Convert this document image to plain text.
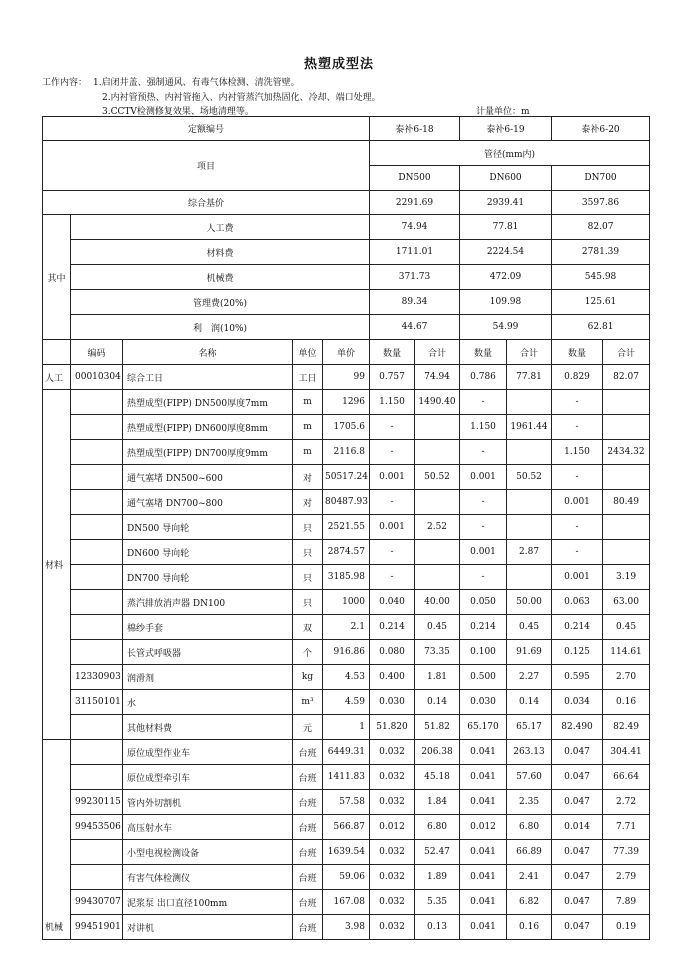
热塑成型法
工作内容： 1.启闭井盖、强制通风、有毒气体检测、清洗管壁。
2.内衬管预热、内衬管拖入、内衬管蒸汽加热固化、冷却、端口处理。
3.CCTV检测修复效果、场地清理等。	计量单位：m
定额编号					泰补6-18		泰补6-19		泰补6-20	
项目					管径(mm内)					
					DN500		DN600		DN700	
综合基价					2291.69		2939.41		3597.86	
其中	人工费				74.94		77.81		82.07	
	材料费				1711.01		2224.54		2781.39	
	机械费				371.73		472.09		545.98	
	管理费(20%)				89.34		109.98		125.61	
	利　润(10%)				44.67		54.99		62.81	
	编码	名称	单位	单价	数量	合计	数量	合计	数量	合计
人工	00010304	综合工日	工日	99	0.757	74.94	0.786	77.81	0.829	82.07
材料		热塑成型(FIPP) DN500厚度7mm	m	1296	1.150	1490.40	-		-	
		热塑成型(FIPP) DN600厚度8mm	m	1705.6	-		1.150	1961.44	-	
		热塑成型(FIPP) DN700厚度9mm	m	2116.8	-		-		1.150	2434.32
		通气塞堵 DN500~600	对	50517.24	0.001	50.52	0.001	50.52	-	
		通气塞堵 DN700~800	对	80487.93	-		-		0.001	80.49
		DN500 导向轮	只	2521.55	0.001	2.52	-		-	
		DN600 导向轮	只	2874.57	-		0.001	2.87	-	
		DN700 导向轮	只	3185.98	-		-		0.001	3.19
		蒸汽排放消声器 DN100	只	1000	0.040	40.00	0.050	50.00	0.063	63.00
		棉纱手套	双	2.1	0.214	0.45	0.214	0.45	0.214	0.45
		长管式呼吸器	个	916.86	0.080	73.35	0.100	91.69	0.125	114.61
	12330903	润滑剂	kg	4.53	0.400	1.81	0.500	2.27	0.595	2.70
	31150101	水	m³	4.59	0.030	0.14	0.030	0.14	0.034	0.16
		其他材料费	元	1	51.820	51.82	65.170	65.17	82.490	82.49
机械		原位成型作业车	台班	6449.31	0.032	206.38	0.041	263.13	0.047	304.41
		原位成型牵引车	台班	1411.83	0.032	45.18	0.041	57.60	0.047	66.64
	99230115	管内外切割机	台班	57.58	0.032	1.84	0.041	2.35	0.047	2.72
	99453506	高压射水车	台班	566.87	0.012	6.80	0.012	6.80	0.014	7.71
		小型电视检测设备	台班	1639.54	0.032	52.47	0.041	66.89	0.047	77.39
		有害气体检测仪	台班	59.06	0.032	1.89	0.041	2.41	0.047	2.79
	99430707	泥浆泵 出口直径100mm	台班	167.08	0.032	5.35	0.041	6.82	0.047	7.89
	99451901	对讲机	台班	3.98	0.032	0.13	0.041	0.16	0.047	0.19
